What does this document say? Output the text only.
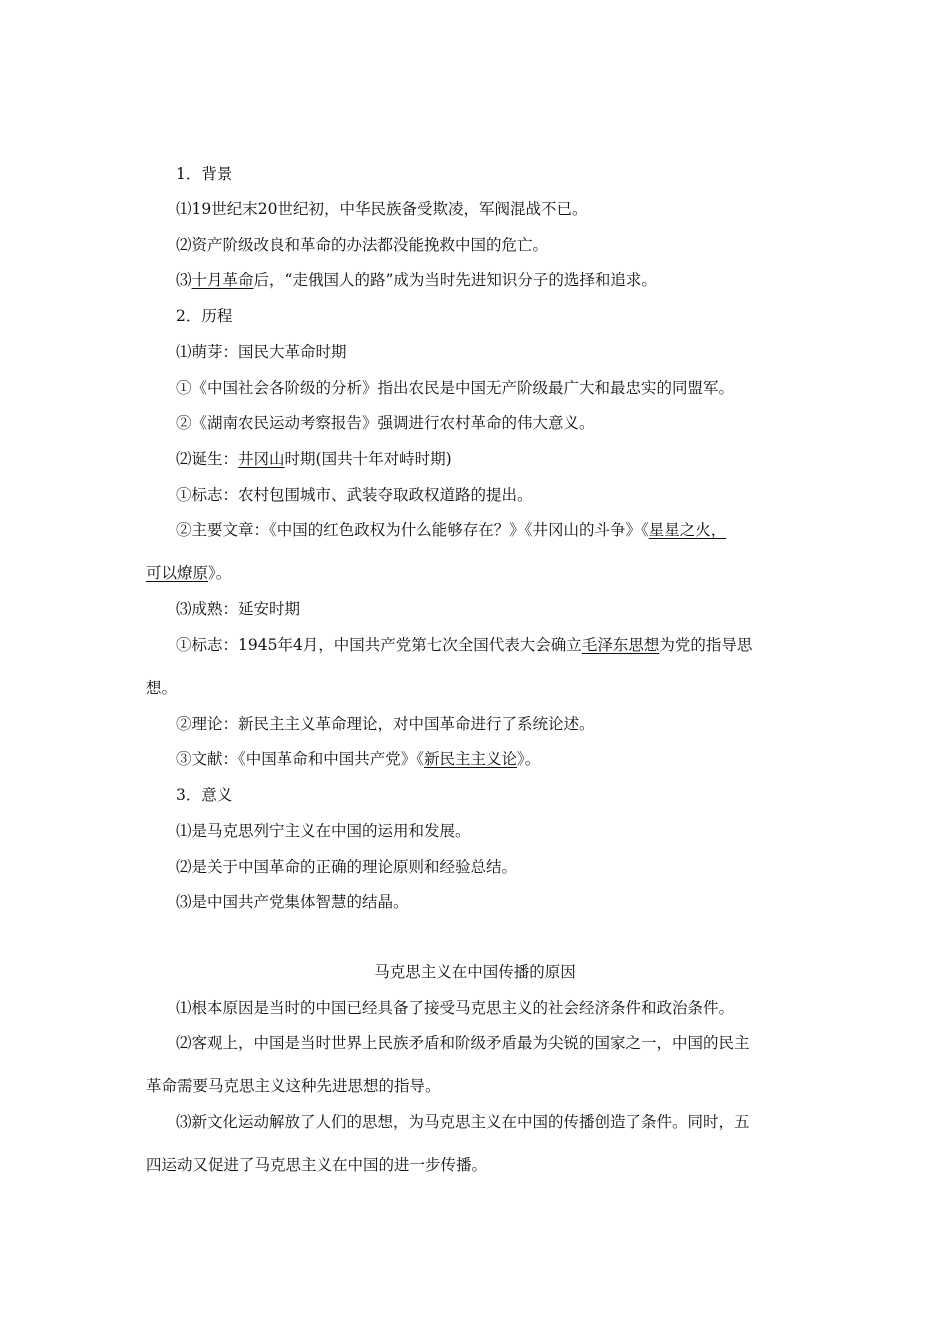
1．背景
⑴19世纪末20世纪初，中华民族备受欺凌，军阀混战不已。
⑵资产阶级改良和革命的办法都没能挽救中国的危亡。
⑶十月革命后，“走俄国人的路”成为当时先进知识分子的选择和追求。
2．历程
⑴萌芽：国民大革命时期
①《中国社会各阶级的分析》指出农民是中国无产阶级最广大和最忠实的同盟军。
②《湖南农民运动考察报告》强调进行农村革命的伟大意义。
⑵诞生：井冈山时期(国共十年对峙时期)
①标志：农村包围城市、武装夺取政权道路的提出。
②主要文章：《中国的红色政权为什么能够存在？》《井冈山的斗争》《星星之火，
可以燎原》。
⑶成熟：延安时期
①标志：1945年4月，中国共产党第七次全国代表大会确立毛泽东思想为党的指导思
想。
②理论：新民主主义革命理论，对中国革命进行了系统论述。
③文献：《中国革命和中国共产党》《新民主主义论》。
3．意义
⑴是马克思列宁主义在中国的运用和发展。
⑵是关于中国革命的正确的理论原则和经验总结。
⑶是中国共产党集体智慧的结晶。
马克思主义在中国传播的原因
⑴根本原因是当时的中国已经具备了接受马克思主义的社会经济条件和政治条件。
⑵客观上，中国是当时世界上民族矛盾和阶级矛盾最为尖锐的国家之一，中国的民主
革命需要马克思主义这种先进思想的指导。
⑶新文化运动解放了人们的思想，为马克思主义在中国的传播创造了条件。同时，五
四运动又促进了马克思主义在中国的进一步传播。
